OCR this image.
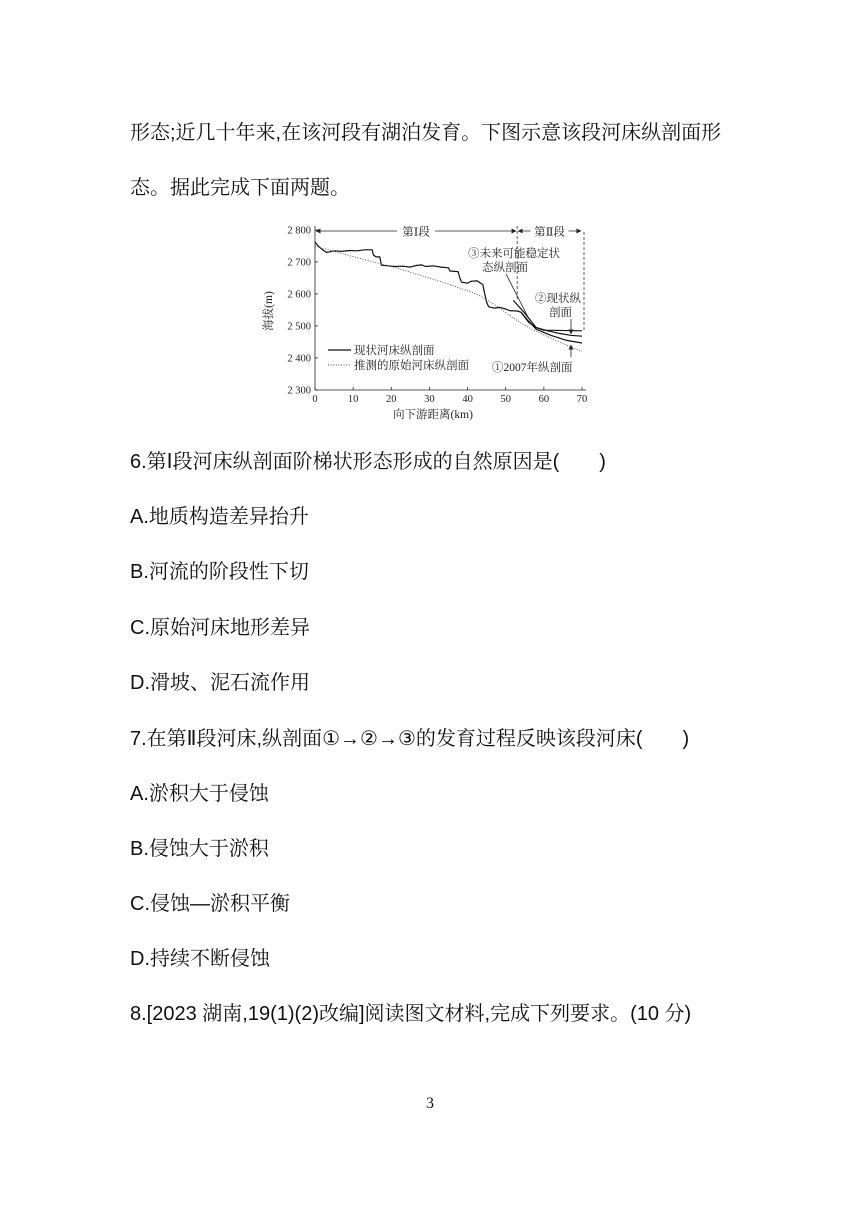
形态;近几十年来,在该河段有湖泊发育。下图示意该段河床纵剖面形
态。据此完成下面两题。
2 300
2 400
2 500
2 600
2 700
2 800
0	10	20	30	40	50	60	70
向下游距离(km)
海拔(m)
第Ⅰ段	第Ⅱ段
现状河床纵剖面
推测的原始河床纵剖面
②现状纵
剖面
①2007年纵剖面
③未来可能稳定状
态纵剖面
6.第Ⅰ段河床纵剖面阶梯状形态形成的自然原因是(　　)
A.地质构造差异抬升
B.河流的阶段性下切
C.原始河床地形差异
D.滑坡、泥石流作用
7.在第Ⅱ段河床,纵剖面①→②→③的发育过程反映该段河床(　　)
A.淤积大于侵蚀
B.侵蚀大于淤积
C.侵蚀—淤积平衡
D.持续不断侵蚀
8.[2023 湖南,19(1)(2)改编]阅读图文材料,完成下列要求。(10 分)
3
